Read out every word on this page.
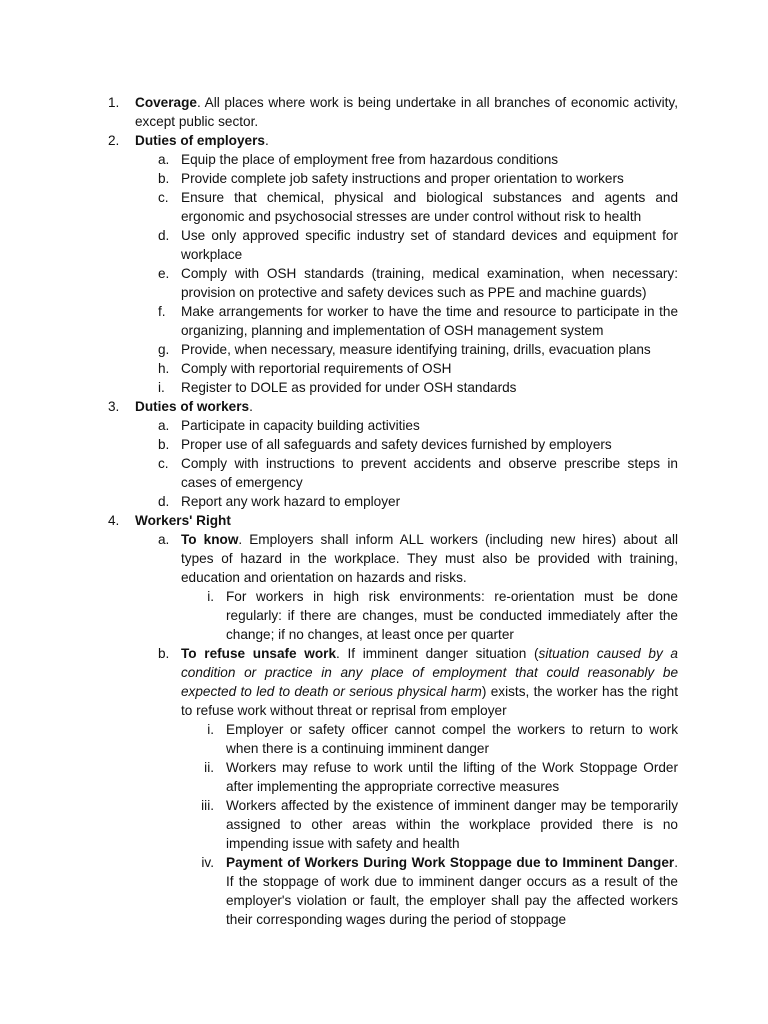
1. Coverage. All places where work is being undertake in all branches of economic activity, except public sector.
2. Duties of employers.
a. Equip the place of employment free from hazardous conditions
b. Provide complete job safety instructions and proper orientation to workers
c. Ensure that chemical, physical and biological substances and agents and ergonomic and psychosocial stresses are under control without risk to health
d. Use only approved specific industry set of standard devices and equipment for workplace
e. Comply with OSH standards (training, medical examination, when necessary: provision on protective and safety devices such as PPE and machine guards)
f. Make arrangements for worker to have the time and resource to participate in the organizing, planning and implementation of OSH management system
g. Provide, when necessary, measure identifying training, drills, evacuation plans
h. Comply with reportorial requirements of OSH
i. Register to DOLE as provided for under OSH standards
3. Duties of workers.
a. Participate in capacity building activities
b. Proper use of all safeguards and safety devices furnished by employers
c. Comply with instructions to prevent accidents and observe prescribe steps in cases of emergency
d. Report any work hazard to employer
4. Workers' Right
a. To know. Employers shall inform ALL workers (including new hires) about all types of hazard in the workplace. They must also be provided with training, education and orientation on hazards and risks.
i. For workers in high risk environments: re-orientation must be done regularly: if there are changes, must be conducted immediately after the change; if no changes, at least once per quarter
b. To refuse unsafe work. If imminent danger situation (situation caused by a condition or practice in any place of employment that could reasonably be expected to led to death or serious physical harm) exists, the worker has the right to refuse work without threat or reprisal from employer
i. Employer or safety officer cannot compel the workers to return to work when there is a continuing imminent danger
ii. Workers may refuse to work until the lifting of the Work Stoppage Order after implementing the appropriate corrective measures
iii. Workers affected by the existence of imminent danger may be temporarily assigned to other areas within the workplace provided there is no impending issue with safety and health
iv. Payment of Workers During Work Stoppage due to Imminent Danger. If the stoppage of work due to imminent danger occurs as a result of the employer's violation or fault, the employer shall pay the affected workers their corresponding wages during the period of stoppage
